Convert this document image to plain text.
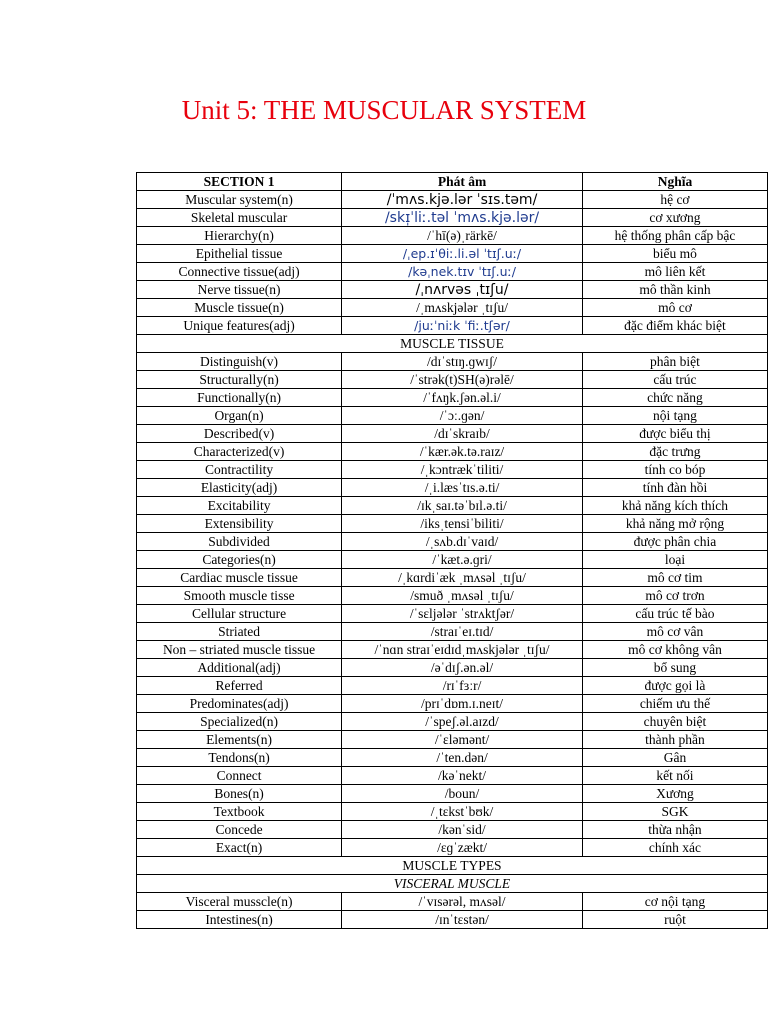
Unit 5: THE MUSCULAR SYSTEM
SECTION 1	Phát âm	Nghĩa
Muscular system(n)	/ˈmʌs.kjə.lər ˈsɪs.təm/	hệ cơ
Skeletal muscular	/skɪ̩ˈliː.təl ˈmʌs.kjə.lər/	cơ xương
Hierarchy(n)	/ˈhī(ə)ˌrärkē/	hệ thống phân cấp bậc
Epithelial tissue	/ˌep.ɪˈθiː.li.əl ˈtɪʃ.uː/	biểu mô
Connective tissue(adj)	/kəˌnek.tɪv ˈtɪʃ.uː/	mô liên kết
Nerve tissue(n)	/ˌnʌrvəs ˌtɪʃu/	mô thần kinh
Muscle tissue(n)	/ˌmʌskjələr ˌtɪʃu/	mô cơ
Unique features(adj)	/juːˈniːk ˈfiː.tʃər/	đặc điểm khác biệt
MUSCLE TISSUE		
Distinguish(v)	/dɪˈstɪŋ.ɡwɪʃ/	phân biệt
Structurally(n)	/ˈstrək(t)SH(ə)rəlē/	cấu trúc
Functionally(n)	/ˈfʌŋk.ʃən.əl.i/	chức năng
Organ(n)	/ˈɔː.ɡən/	nội tạng
Described(v)	/dɪˈskraɪb/	được biểu thị
Characterized(v)	/ˈkær.ək.tə.raɪz/	đặc trưng
Contractility	/ˌkɔntrækˈtiliti/	tính co bóp
Elasticity(adj)	/ˌi.læsˈtɪs.ə.ti/	tính đàn hồi
Excitability	/ɪkˌsaɪ.təˈbɪl.ə.ti/	khả năng kích thích
Extensibility	/iksˌtensiˈbiliti/	khả năng mở rộng
Subdivided	/ˌsʌb.dɪˈvaɪd/	được phân chia
Categories(n)	/ˈkæt.ə.ɡri/	loại
Cardiac muscle tissue	/ˌkɑrdiˈæk ˌmʌsəl ˌtɪʃu/	mô cơ tim
Smooth muscle tisse	/smuð ˌmʌsəl ˌtɪʃu/	mô cơ trơn
Cellular structure	/ˈsɛljələr ˈstrʌktʃər/	cấu trúc tế bào
Striated	/straɪˈeɪ.tɪd/	mô cơ vân
Non – striated muscle tissue	/ˈnɑn straɪˈeɪdɪdˌmʌskjələr ˌtɪʃu/	mô cơ không vân
Additional(adj)	/əˈdɪʃ.ən.əl/	bổ sung
Referred	/rɪˈfɜːr/	được gọi là
Predominates(adj)	/prɪˈdɒm.ɪ.neɪt/	chiếm ưu thế
Specialized(n)	/ˈspeʃ.əl.aɪzd/	chuyên biệt
Elements(n)	/ˈɛləmənt/	thành phần
Tendons(n)	/ˈten.dən/	Gân
Connect	/kəˈnekt/	kết nối
Bones(n)	/boun/	Xương
Textbook	/ˌtɛkstˈbʊk/	SGK
Concede	/kənˈsid/	thừa nhận
Exact(n)	/ɛɡˈzækt/	chính xác
MUSCLE TYPES		
VISCERAL MUSCLE		
Visceral musscle(n)	/ˈvɪsərəl, mʌsəl/	cơ nội tạng
Intestines(n)	/ɪnˈtɛstən/	ruột
